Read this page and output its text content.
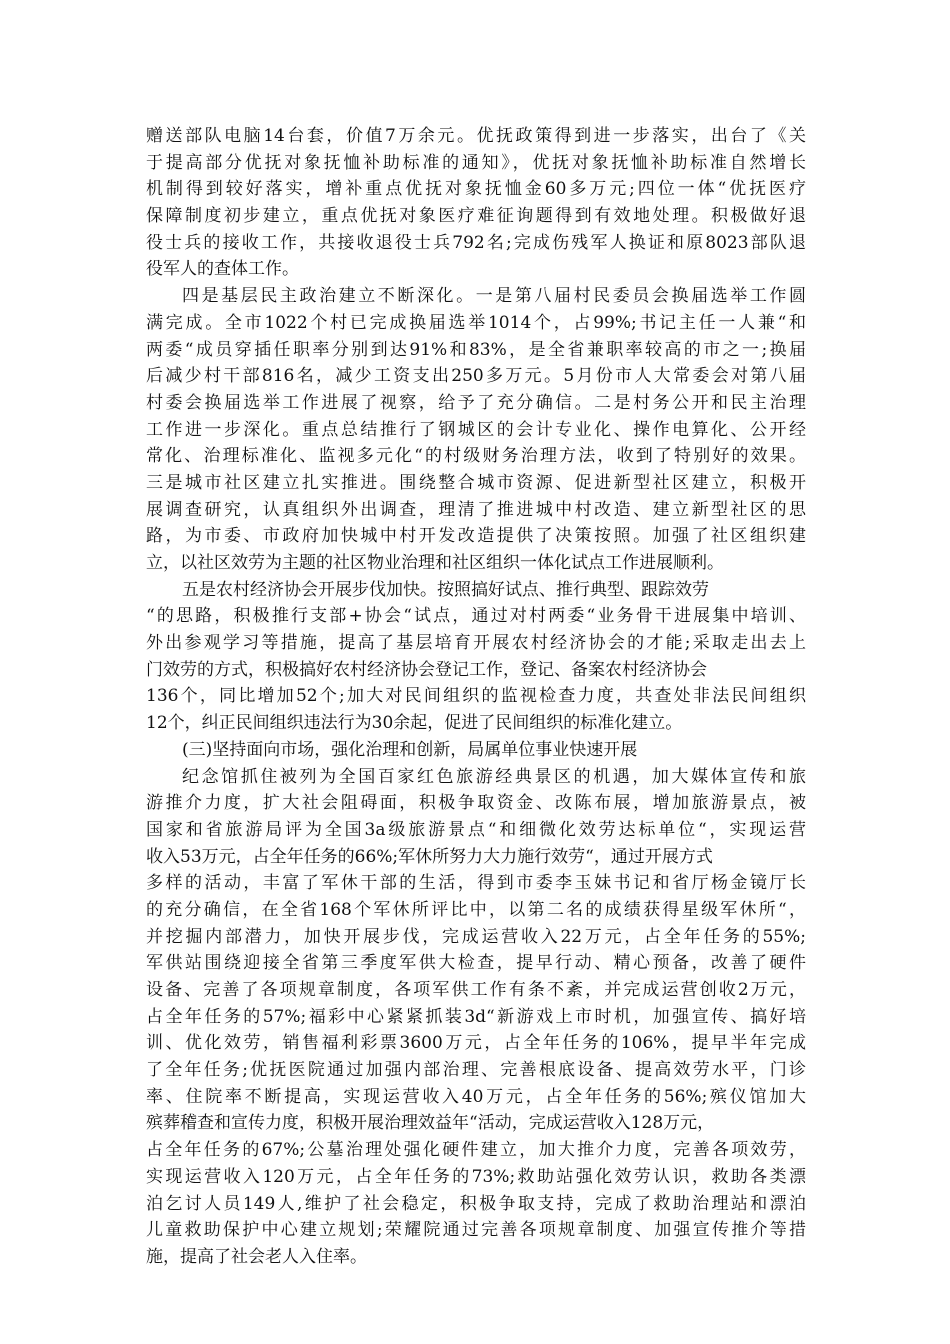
赠送部队电脑14台套，价值7万余元。优抚政策得到进一步落实，出台了《关
于提高部分优抚对象抚恤补助标准的通知》，优抚对象抚恤补助标准自然增长
机制得到较好落实，增补重点优抚对象抚恤金60多万元;四位一体“优抚医疗
保障制度初步建立，重点优抚对象医疗难征询题得到有效地处理。积极做好退
役士兵的接收工作，共接收退役士兵792名;完成伤残军人换证和原8023部队退
役军人的查体工作。
四是基层民主政治建立不断深化。一是第八届村民委员会换届选举工作圆
满完成。全市1022个村已完成换届选举1014个，占99%;书记主任一人兼“和
两委“成员穿插任职率分别到达91%和83%，是全省兼职率较高的市之一;换届
后减少村干部816名，减少工资支出250多万元。5月份市人大常委会对第八届
村委会换届选举工作进展了视察，给予了充分确信。二是村务公开和民主治理
工作进一步深化。重点总结推行了钢城区的会计专业化、操作电算化、公开经
常化、治理标准化、监视多元化“的村级财务治理方法，收到了特别好的效果。
三是城市社区建立扎实推进。围绕整合城市资源、促进新型社区建立，积极开
展调查研究，认真组织外出调查，理清了推进城中村改造、建立新型社区的思
路，为市委、市政府加快城中村开发改造提供了决策按照。加强了社区组织建
立，以社区效劳为主题的社区物业治理和社区组织一体化试点工作进展顺利。
五是农村经济协会开展步伐加快。按照搞好试点、推行典型、跟踪效劳
“的思路，积极推行支部+协会“试点，通过对村两委“业务骨干进展集中培训、
外出参观学习等措施，提高了基层培育开展农村经济协会的才能;采取走出去上
门效劳的方式，积极搞好农村经济协会登记工作，登记、备案农村经济协会
136个，同比增加52个;加大对民间组织的监视检查力度，共查处非法民间组织
12个，纠正民间组织违法行为30余起，促进了民间组织的标准化建立。
(三)坚持面向市场，强化治理和创新，局属单位事业快速开展
纪念馆抓住被列为全国百家红色旅游经典景区的机遇，加大媒体宣传和旅
游推介力度，扩大社会阻碍面，积极争取资金、改陈布展，增加旅游景点，被
国家和省旅游局评为全国3a级旅游景点“和细微化效劳达标单位“，实现运营
收入53万元，占全年任务的66%;军休所努力大力施行效劳“，通过开展方式
多样的活动，丰富了军休干部的生活，得到市委李玉妹书记和省厅杨金镜厅长
的充分确信，在全省168个军休所评比中，以第二名的成绩获得星级军休所“，
并挖掘内部潜力，加快开展步伐，完成运营收入22万元，占全年任务的55%;
军供站围绕迎接全省第三季度军供大检查，提早行动、精心预备，改善了硬件
设备、完善了各项规章制度，各项军供工作有条不紊，并完成运营创收2万元，
占全年任务的57%;福彩中心紧紧抓装3d“新游戏上市时机，加强宣传、搞好培
训、优化效劳，销售福利彩票3600万元，占全年任务的106%，提早半年完成
了全年任务;优抚医院通过加强内部治理、完善根底设备、提高效劳水平，门诊
率、住院率不断提高，实现运营收入40万元，占全年任务的56%;殡仪馆加大
殡葬稽查和宣传力度，积极开展治理效益年“活动，完成运营收入128万元，
占全年任务的67%;公墓治理处强化硬件建立，加大推介力度，完善各项效劳，
实现运营收入120万元，占全年任务的73%;救助站强化效劳认识，救助各类漂
泊乞讨人员149人,维护了社会稳定，积极争取支持，完成了救助治理站和漂泊
儿童救助保护中心建立规划;荣耀院通过完善各项规章制度、加强宣传推介等措
施，提高了社会老人入住率。
